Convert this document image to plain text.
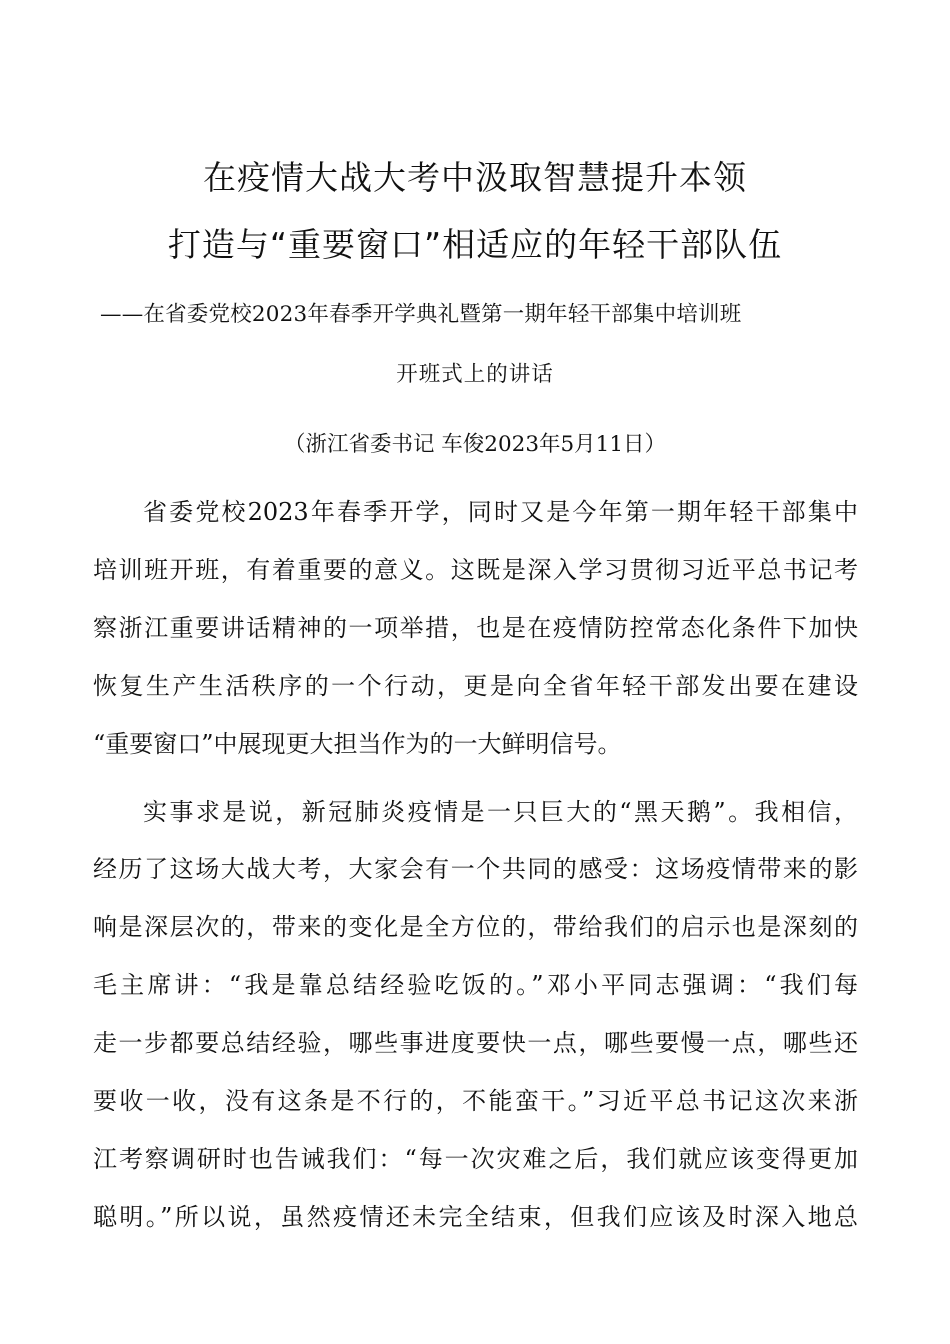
在疫情大战大考中汲取智慧提升本领
打造与“重要窗口”相适应的年轻干部队伍
——在省委党校2023年春季开学典礼暨第一期年轻干部集中培训班
开班式上的讲话
（浙江省委书记 车俊2023年5月11日）
省委党校2023年春季开学，同时又是今年第一期年轻干部集中
培训班开班，有着重要的意义。这既是深入学习贯彻习近平总书记考
察浙江重要讲话精神的一项举措，也是在疫情防控常态化条件下加快
恢复生产生活秩序的一个行动，更是向全省年轻干部发出要在建设
“重要窗口”中展现更大担当作为的一大鲜明信号。
实事求是说，新冠肺炎疫情是一只巨大的“黑天鹅”。我相信，
经历了这场大战大考，大家会有一个共同的感受：这场疫情带来的影
响是深层次的，带来的变化是全方位的，带给我们的启示也是深刻的
毛主席讲：“我是靠总结经验吃饭的。”邓小平同志强调：“我们每
走一步都要总结经验，哪些事进度要快一点，哪些要慢一点，哪些还
要收一收，没有这条是不行的，不能蛮干。”习近平总书记这次来浙
江考察调研时也告诫我们：“每一次灾难之后，我们就应该变得更加
聪明。”所以说，虽然疫情还未完全结束，但我们应该及时深入地总
